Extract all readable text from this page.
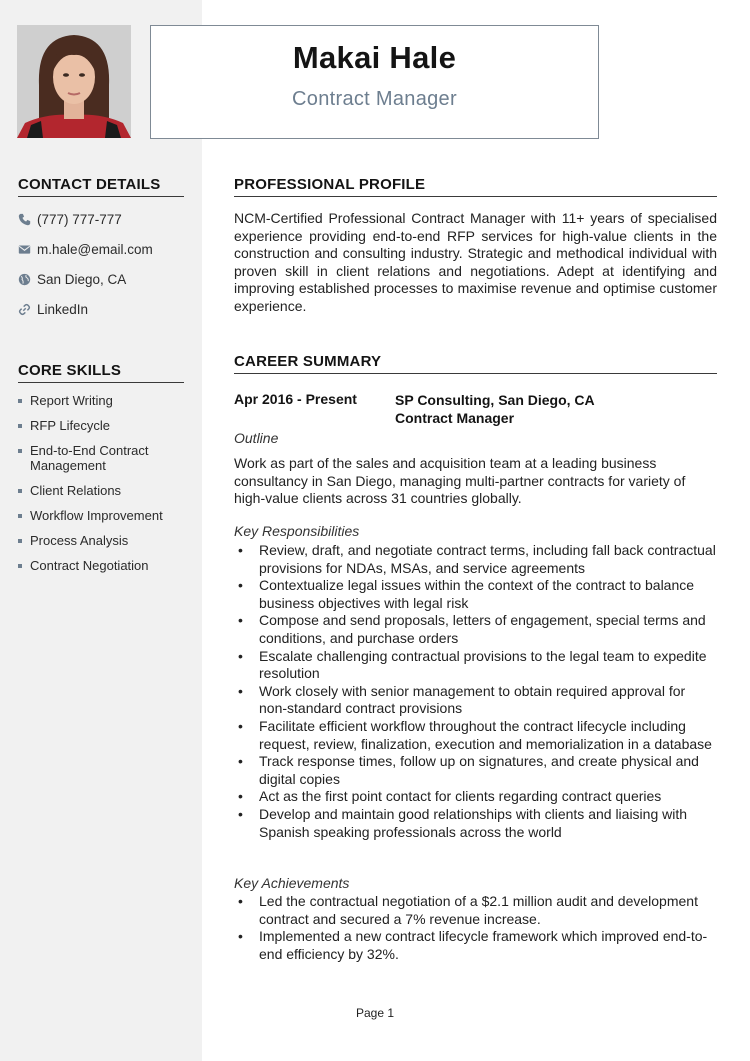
Makai Hale
Contract Manager
CONTACT DETAILS
(777) 777-777
m.hale@email.com
San Diego, CA
LinkedIn
CORE SKILLS
Report Writing
RFP Lifecycle
End-to-End Contract Management
Client Relations
Workflow Improvement
Process Analysis
Contract Negotiation
PROFESSIONAL PROFILE
NCM-Certified Professional Contract Manager with 11+ years of specialised experience providing end-to-end RFP services for high-value clients in the construction and consulting industry. Strategic and methodical individual with proven skill in client relations and negotiations. Adept at identifying and improving established processes to maximise revenue and optimise customer experience.
CAREER SUMMARY
Apr 2016 - Present	SP Consulting, San Diego, CA
Contract Manager
Outline
Work as part of the sales and acquisition team at a leading business consultancy in San Diego, managing multi-partner contracts for variety of high-value clients across 31 countries globally.
Key Responsibilities
• Review, draft, and negotiate contract terms, including fall back contractual provisions for NDAs, MSAs, and service agreements
• Contextualize legal issues within the context of the contract to balance business objectives with legal risk
• Compose and send proposals, letters of engagement, special terms and conditions, and purchase orders
• Escalate challenging contractual provisions to the legal team to expedite resolution
• Work closely with senior management to obtain required approval for non-standard contract provisions
• Facilitate efficient workflow throughout the contract lifecycle including request, review, finalization, execution and memorialization in a database
• Track response times, follow up on signatures, and create physical and digital copies
• Act as the first point contact for clients regarding contract queries
• Develop and maintain good relationships with clients and liaising with Spanish speaking professionals across the world
Key Achievements
• Led the contractual negotiation of a $2.1 million audit and development contract and secured a 7% revenue increase.
• Implemented a new contract lifecycle framework which improved end-to-end efficiency by 32%.
Page 1
